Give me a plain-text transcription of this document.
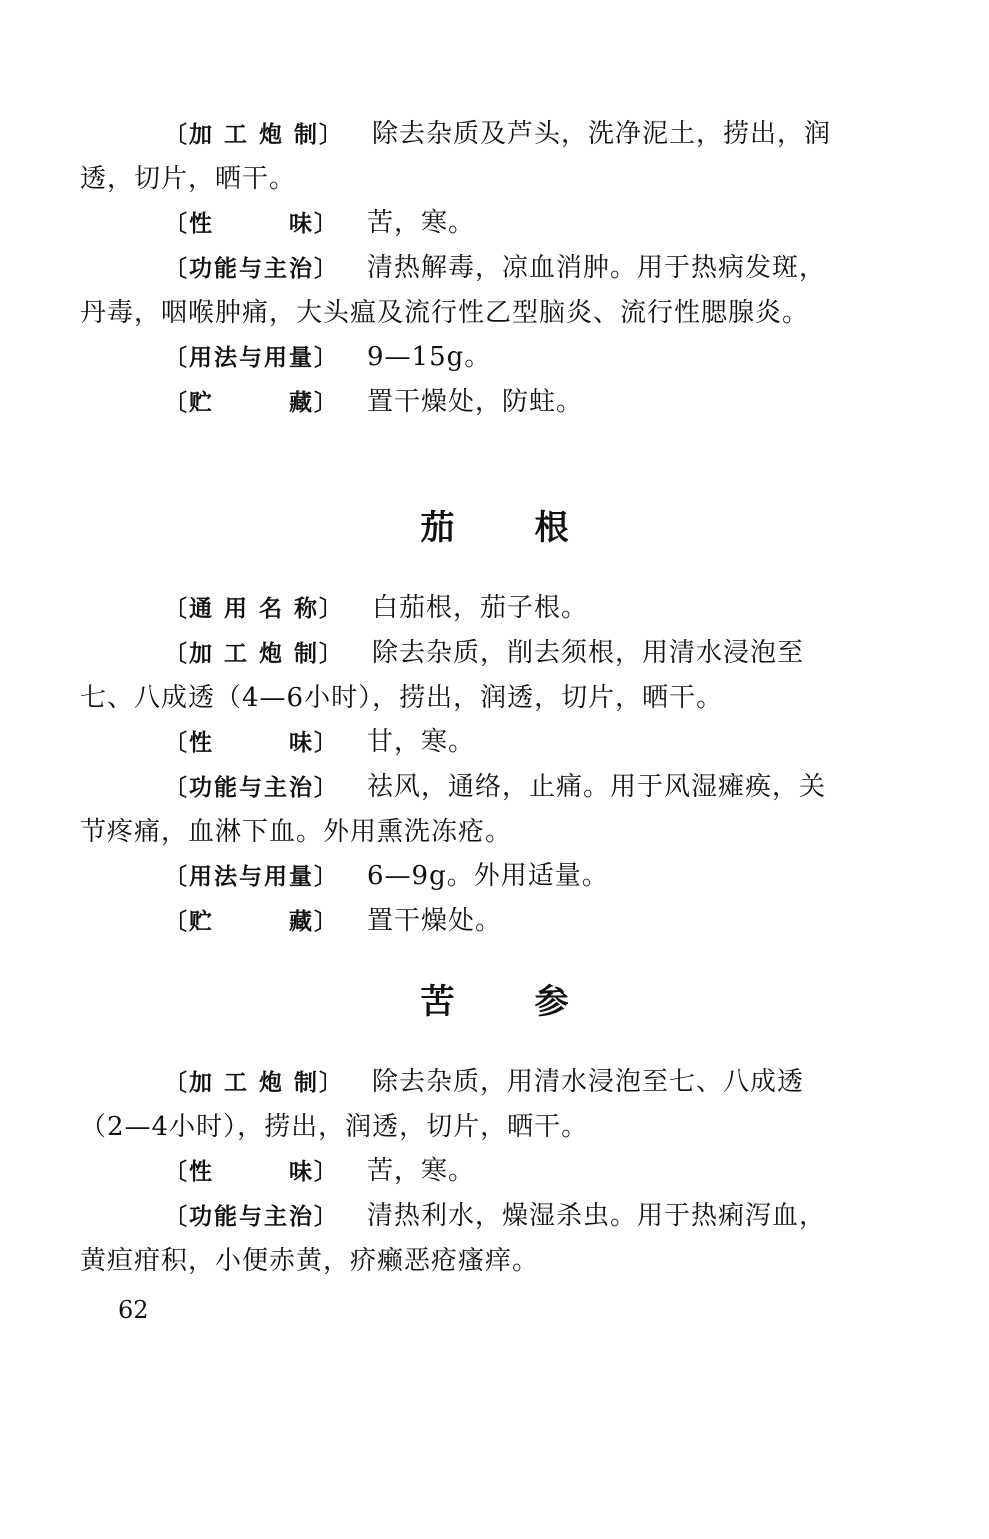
〔加 工 炮 制〕 除去杂质及芦头，洗净泥土，捞出，润透，切片，晒干。

〔性　　　味〕 苦，寒。

〔功能与主治〕 清热解毒，凉血消肿。用于热病发斑，丹毒，咽喉肿痛，大头瘟及流行性乙型脑炎、流行性腮腺炎。

〔用法与用量〕 9—15g。

〔贮　　　藏〕 置干燥处，防蛀。

茄根

〔通 用 名 称〕 白茄根，茄子根。

〔加 工 炮 制〕 除去杂质，削去须根，用清水浸泡至七、八成透（4—6小时），捞出，润透，切片，晒干。

〔性　　　味〕 甘，寒。

〔功能与主治〕 祛风，通络，止痛。用于风湿瘫痪，关节疼痛，血淋下血。外用熏洗冻疮。

〔用法与用量〕 6—9g。外用适量。

〔贮　　　藏〕 置干燥处。

苦参

〔加 工 炮 制〕 除去杂质，用清水浸泡至七、八成透（2—4小时），捞出，润透，切片，晒干。

〔性　　　味〕 苦，寒。

〔功能与主治〕 清热利水，燥湿杀虫。用于热痢泻血，黄疸疳积，小便赤黄，疥癞恶疮瘙痒。

62
